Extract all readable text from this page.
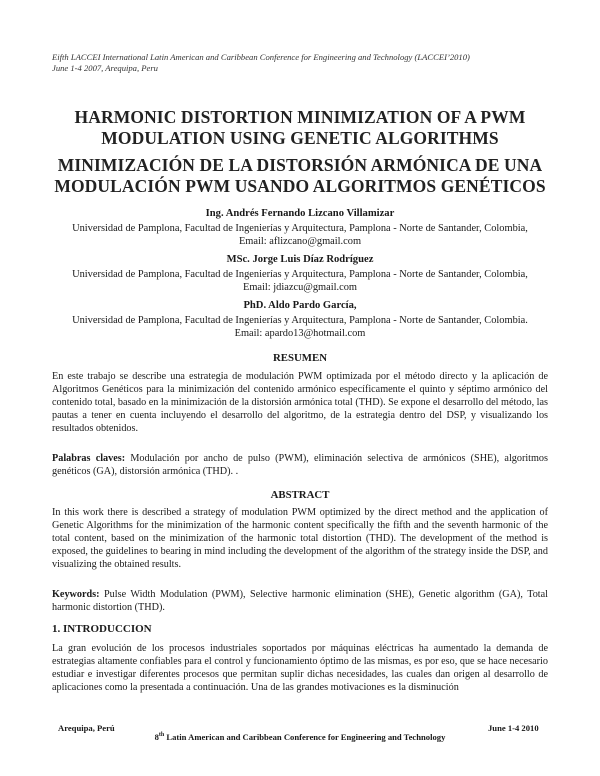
Eifth LACCEI International Latin American and Caribbean Conference for Engineering and Technology (LACCEI’2010)
June 1-4 2007, Arequipa, Peru
HARMONIC DISTORTION MINIMIZATION OF A PWM
MODULATION USING GENETIC ALGORITHMS
MINIMIZACIÓN DE LA DISTORSIÓN ARMÓNICA DE UNA
MODULACIÓN PWM USANDO ALGORITMOS GENÉTICOS
Ing. Andrés Fernando Lizcano Villamizar
Universidad de Pamplona, Facultad de Ingenierías y Arquitectura, Pamplona - Norte de Santander, Colombia,
Email: aflizcano@gmail.com
MSc. Jorge Luis Díaz Rodríguez
Universidad de Pamplona, Facultad de Ingenierías y Arquitectura, Pamplona - Norte de Santander, Colombia,
Email: jdiazcu@gmail.com
PhD. Aldo Pardo García,
Universidad de Pamplona, Facultad de Ingenierías y Arquitectura, Pamplona - Norte de Santander, Colombia.
Email: apardo13@hotmail.com
RESUMEN
En este trabajo se describe una estrategia de modulación PWM optimizada por el método directo y la aplicación de Algoritmos Genéticos para la minimización del contenido armónico específicamente el quinto y séptimo armónico del contenido total, basado en la minimización de la distorsión armónica total (THD). Se expone el desarrollo del método, las pautas a tener en cuenta incluyendo el desarrollo del algoritmo, de la estrategia dentro del DSP, y visualizando los resultados obtenidos.
Palabras claves: Modulación por ancho de pulso (PWM), eliminación selectiva de armónicos (SHE), algoritmos genéticos (GA), distorsión armónica (THD). .
ABSTRACT
In this work there is described a strategy of modulation PWM optimized by the direct method and the application of Genetic Algorithms for the minimization of the harmonic content specifically the fifth and the seventh harmonic of the total content, based on the minimization of the harmonic total distortion (THD). The development of the method is exposed, the guidelines to bearing in mind including the development of the algorithm of the strategy inside the DSP, and visualizing the obtained results.
Keywords: Pulse Width Modulation (PWM), Selective harmonic elimination (SHE), Genetic algorithm (GA), Total harmonic distortion (THD).
1. INTRODUCCION
La gran evolución de los procesos industriales soportados por máquinas eléctricas ha aumentado la demanda de estrategias altamente confiables para el control y funcionamiento óptimo de las mismas, es por eso, que se hace necesario estudiar e investigar diferentes procesos que permitan suplir dichas necesidades, las cuales dan origen al desarrollo de aplicaciones como la presentada a continuación. Una de las grandes motivaciones es la disminución
Arequipa, Perú	June 1-4 2010
8th Latin American and Caribbean Conference for Engineering and Technology
